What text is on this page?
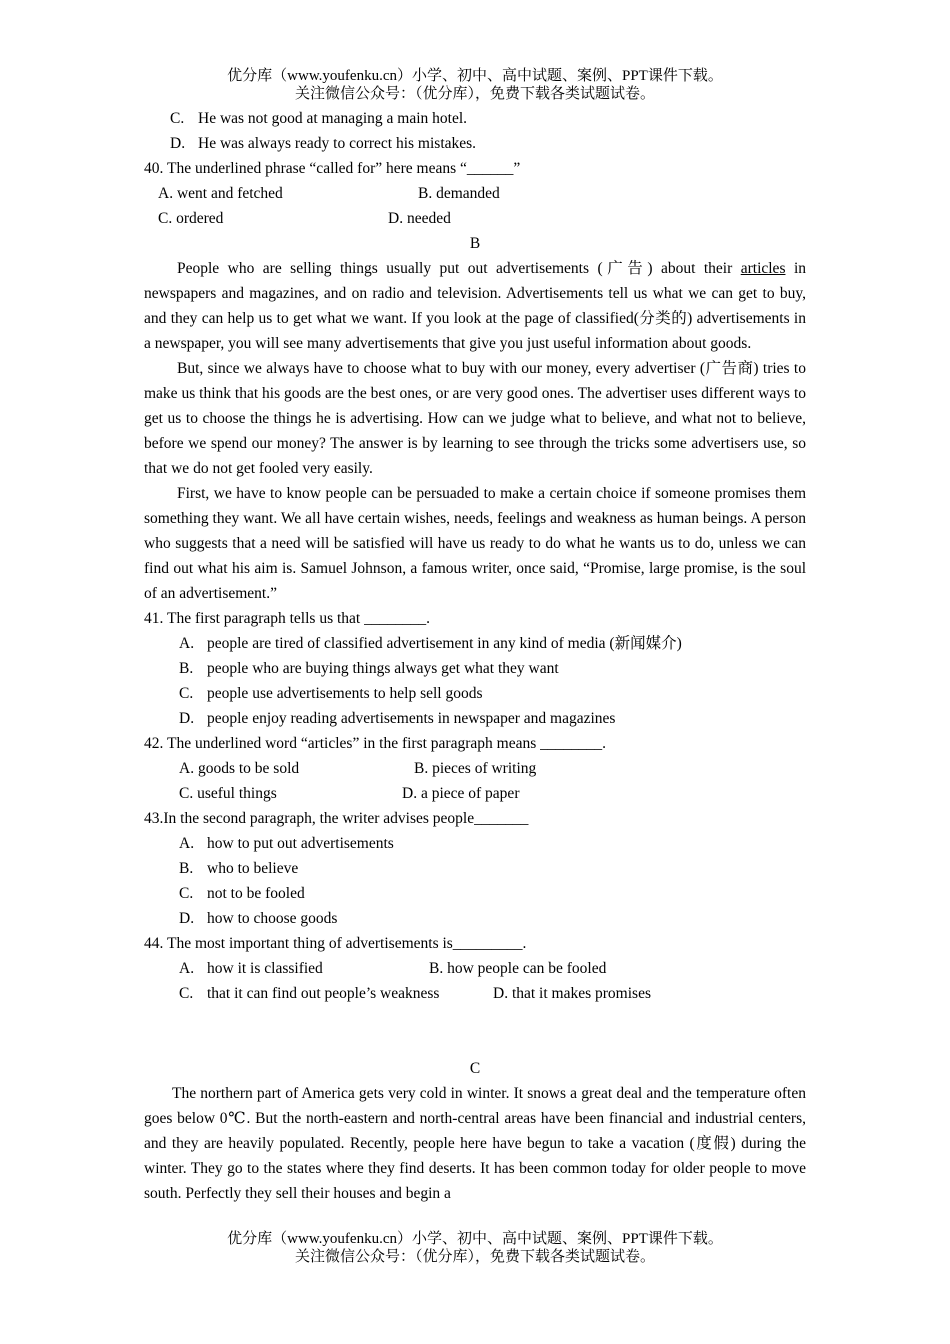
优分库（www.youfenku.cn）小学、初中、高中试题、案例、PPT课件下载。
关注微信公众号：（优分库），免费下载各类试题试卷。
C. He was not good at managing a main hotel.
D. He was always ready to correct his mistakes.
40. The underlined phrase “called for” here means “______”
A. went and fetched	B. demanded
C. ordered	D. needed
B

People who are selling things usually put out advertisements (广告) about their articles in newspapers and magazines, and on radio and television. Advertisements tell us what we can get to buy, and they can help us to get what we want. If you look at the page of classified(分类的) advertisements in a newspaper, you will see many advertisements that give you just useful information about goods.

But, since we always have to choose what to buy with our money, every advertiser (广告商) tries to make us think that his goods are the best ones, or are very good ones. The advertiser uses different ways to get us to choose the things he is advertising. How can we judge what to believe, and what not to believe, before we spend our money? The answer is by learning to see through the tricks some advertisers use, so that we do not get fooled very easily.

First, we have to know people can be persuaded to make a certain choice if someone promises them something they want. We all have certain wishes, needs, feelings and weakness as human beings. A person who suggests that a need will be satisfied will have us ready to do what he wants us to do, unless we can find out what his aim is. Samuel Johnson, a famous writer, once said, “Promise, large promise, is the soul of an advertisement.”

41. The first paragraph tells us that ________.
A. people are tired of classified advertisement in any kind of media (新闻媒介)
B. people who are buying things always get what they want
C. people use advertisements to help sell goods
D. people enjoy reading advertisements in newspaper and magazines
42. The underlined word “articles” in the first paragraph means ________.
A. goods to be sold	B. pieces of writing
C. useful things	D. a piece of paper
43.In the second paragraph, the writer advises people_______
A. how to put out advertisements
B. who to believe
C. not to be fooled
D. how to choose goods
44. The most important thing of advertisements is_________.
A. how it is classified	B. how people can be fooled
C. that it can find out people’s weakness	D. that it makes promises
C
The northern part of America gets very cold in winter. It snows a great deal and the temperature often goes below 0℃. But the north-eastern and north-central areas have been financial and industrial centers, and they are heavily populated. Recently, people here have begun to take a vacation (度假) during the winter. They go to the states where they find deserts. It has been common today for older people to move south. Perfectly they sell their houses and begin a
优分库（www.youfenku.cn）小学、初中、高中试题、案例、PPT课件下载。
关注微信公众号：（优分库），免费下载各类试题试卷。
